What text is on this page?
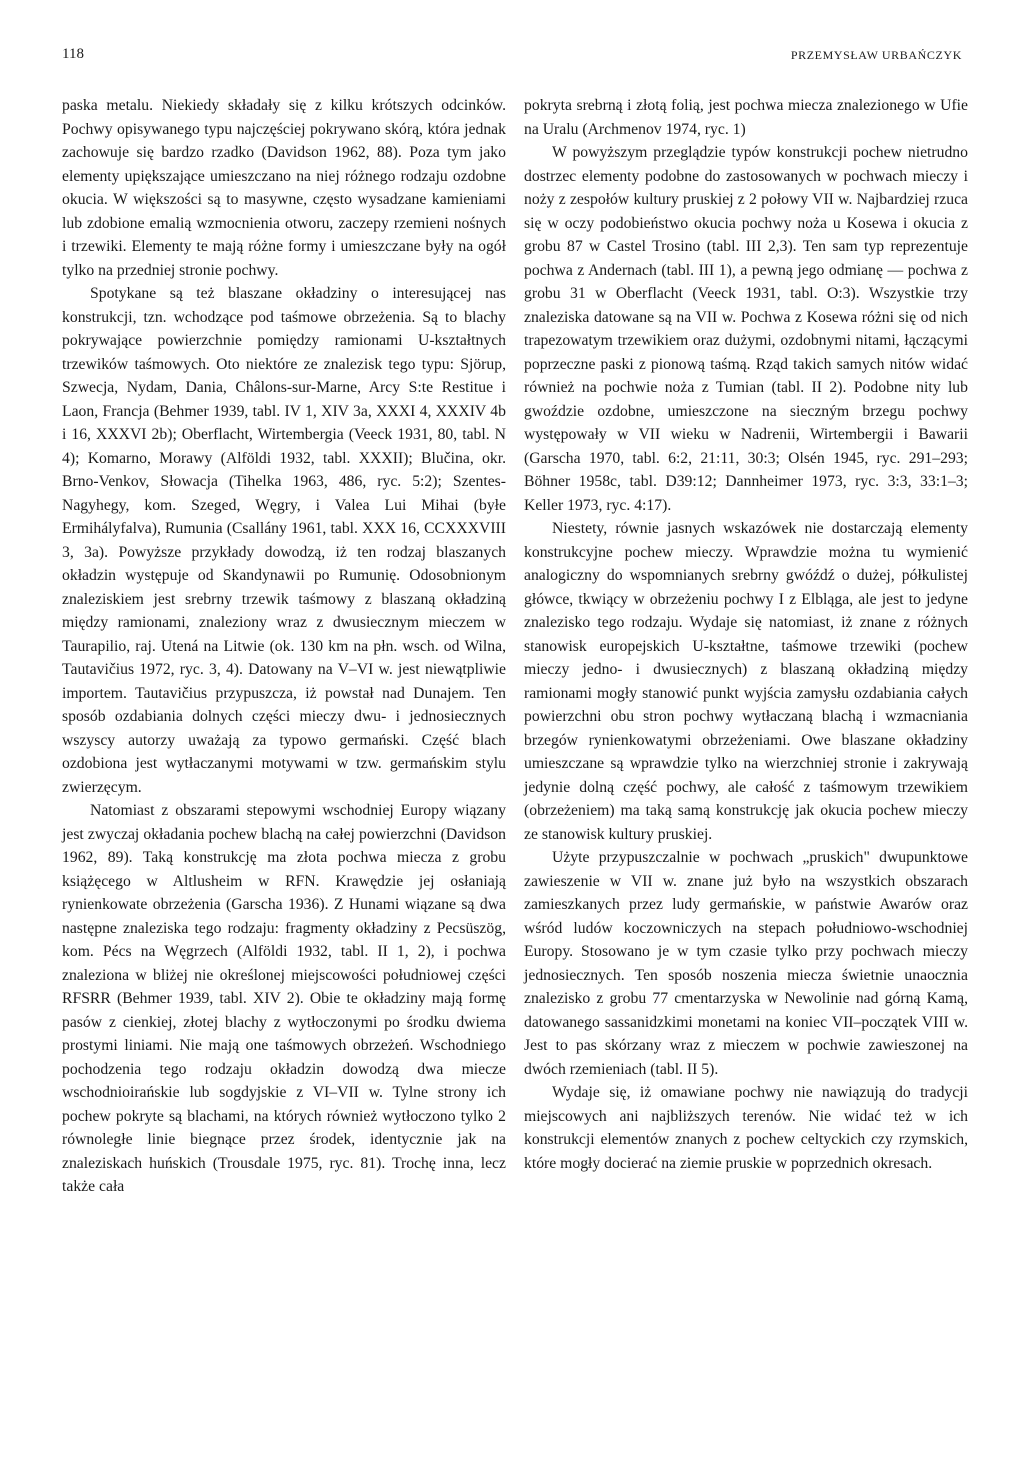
118	PRZEMYSŁAW URBAŃCZYK

paska metalu. Niekiedy składały się z kilku krótszych odcinków. Pochwy opisywanego typu najczęściej pokrywano skórą, która jednak zachowuje się bardzo rzadko (Davidson 1962, 88). Poza tym jako elementy upiększające umieszczano na niej różnego rodzaju ozdobne okucia. W większości są to masywne, często wysadzane kamieniami lub zdobione emalią wzmocnienia otworu, zaczepy rzemieni nośnych i trzewiki. Elementy te mają różne formy i umieszczane były na ogół tylko na przedniej stronie pochwy.

Spotykane są też blaszane okładziny o interesującej nas konstrukcji, tzn. wchodzące pod taśmowe obrzeżenia. Są to blachy pokrywające powierzchnie pomiędzy ramionami U-kształtnych trzewików taśmowych. Oto niektóre ze znalezisk tego typu: Sjörup, Szwecja, Nydam, Dania, Châlons-sur-Marne, Arcy S:te Restitue i Laon, Francja (Behmer 1939, tabl. IV 1, XIV 3a, XXXI 4, XXXIV 4b i 16, XXXVI 2b); Oberflacht, Wirtembergia (Veeck 1931, 80, tabl. N 4); Komarno, Morawy (Alföldi 1932, tabl. XXXII); Blučina, okr. Brno-Venkov, Słowacja (Tihelka 1963, 486, ryc. 5:2); Szentes-Nagyhegy, kom. Szeged, Węgry, i Valea Lui Mihai (byłe Ermihályfalva), Rumunia (Csallány 1961, tabl. XXX 16, CCXXXVIII 3, 3a). Powyższe przykłady dowodzą, iż ten rodzaj blaszanych okładzin występuje od Skandynawii po Rumunię. Odosobnionym znaleziskiem jest srebrny trzewik taśmowy z blaszaną okładziną między ramionami, znaleziony wraz z dwusiecznym mieczem w Taurapilio, raj. Utená na Litwie (ok. 130 km na płn. wsch. od Wilna, Tautavičius 1972, ryc. 3, 4). Datowany na V–VI w. jest niewątpliwie importem. Tautavičius przypuszcza, iż powstał nad Dunajem. Ten sposób ozdabiania dolnych części mieczy dwu- i jednosiecznych wszyscy autorzy uważają za typowo germański. Część blach ozdobiona jest wytłaczanymi motywami w tzw. germańskim stylu zwierzęcym.

Natomiast z obszarami stepowymi wschodniej Europy wiązany jest zwyczaj okładania pochew blachą na całej powierzchni (Davidson 1962, 89). Taką konstrukcję ma złota pochwa miecza z grobu książęcego w Altlusheim w RFN. Krawędzie jej osłaniają rynienkowate obrzeżenia (Garscha 1936). Z Hunami wiązane są dwa następne znaleziska tego rodzaju: fragmenty okładziny z Pecsüszög, kom. Pécs na Węgrzech (Alföldi 1932, tabl. II 1, 2), i pochwa znaleziona w bliżej nie określonej miejscowości południowej części RFSRR (Behmer 1939, tabl. XIV 2). Obie te okładziny mają formę pasów z cienkiej, złotej blachy z wytłoczonymi po środku dwiema prostymi liniami. Nie mają one taśmowych obrzeżeń. Wschodniego pochodzenia tego rodzaju okładzin dowodzą dwa miecze wschodnioirańskie lub sogdyjskie z VI–VII w. Tylne strony ich pochew pokryte są blachami, na których również wytłoczono tylko 2 równoległe linie biegnące przez środek, identycznie jak na znaleziskach huńskich (Trousdale 1975, ryc. 81). Trochę inna, lecz także cała

pokryta srebrną i złotą folią, jest pochwa miecza znalezionego w Ufie na Uralu (Archmenov 1974, ryc. 1)

W powyższym przeglądzie typów konstrukcji pochew nietrudno dostrzec elementy podobne do zastosowanych w pochwach mieczy i noży z zespołów kultury pruskiej z 2 połowy VII w. Najbardziej rzuca się w oczy podobieństwo okucia pochwy noża u Kosewa i okucia z grobu 87 w Castel Trosino (tabl. III 2,3). Ten sam typ reprezentuje pochwa z Andernach (tabl. III 1), a pewną jego odmianę — pochwa z grobu 31 w Oberflacht (Veeck 1931, tabl. O:3). Wszystkie trzy znaleziska datowane są na VII w. Pochwa z Kosewa różni się od nich trapezowatym trzewikiem oraz dużymi, ozdobnymi nitami, łączącymi poprzeczne paski z pionową taśmą. Rząd takich samych nitów widać również na pochwie noża z Tumian (tabl. II 2). Podobne nity lub gwoździe ozdobne, umieszczone na sieczným brzegu pochwy występowały w VII wieku w Nadrenii, Wirtembergii i Bawarii (Garscha 1970, tabl. 6:2, 21:11, 30:3; Olsén 1945, ryc. 291–293; Böhner 1958c, tabl. D39:12; Dannheimer 1973, ryc. 3:3, 33:1–3; Keller 1973, ryc. 4:17).

Niestety, równie jasnych wskazówek nie dostarczają elementy konstrukcyjne pochew mieczy. Wprawdzie można tu wymienić analogiczny do wspomnianych srebrny gwóźdź o dużej, półkulistej główce, tkwiący w obrzeżeniu pochwy I z Elbląga, ale jest to jedyne znalezisko tego rodzaju. Wydaje się natomiast, iż znane z różnych stanowisk europejskich U-kształtne, taśmowe trzewiki (pochew mieczy jedno- i dwusiecznych) z blaszaną okładziną między ramionami mogły stanowić punkt wyjścia zamysłu ozdabiania całych powierzchni obu stron pochwy wytłaczaną blachą i wzmacniania brzegów rynienkowatymi obrzeżeniami. Owe blaszane okładziny umieszczane są wprawdzie tylko na wierzchniej stronie i zakrywają jedynie dolną część pochwy, ale całość z taśmowym trzewikiem (obrzeżeniem) ma taką samą konstrukcję jak okucia pochew mieczy ze stanowisk kultury pruskiej.

Użyte przypuszczalnie w pochwach „pruskich" dwupunktowe zawieszenie w VII w. znane już było na wszystkich obszarach zamieszkanych przez ludy germańskie, w państwie Awarów oraz wśród ludów koczowniczych na stepach południowo-wschodniej Europy. Stosowano je w tym czasie tylko przy pochwach mieczy jednosiecznych. Ten sposób noszenia miecza świetnie unaocznia znalezisko z grobu 77 cmentarzyska w Newolinie nad górną Kamą, datowanego sassanidzkimi monetami na koniec VII–początek VIII w. Jest to pas skórzany wraz z mieczem w pochwie zawieszonej na dwóch rzemieniach (tabl. II 5).

Wydaje się, iż omawiane pochwy nie nawiązują do tradycji miejscowych ani najbliższych terenów. Nie widać też w ich konstrukcji elementów znanych z pochew celtyckich czy rzymskich, które mogły docierać na ziemie pruskie w poprzednich okresach.
